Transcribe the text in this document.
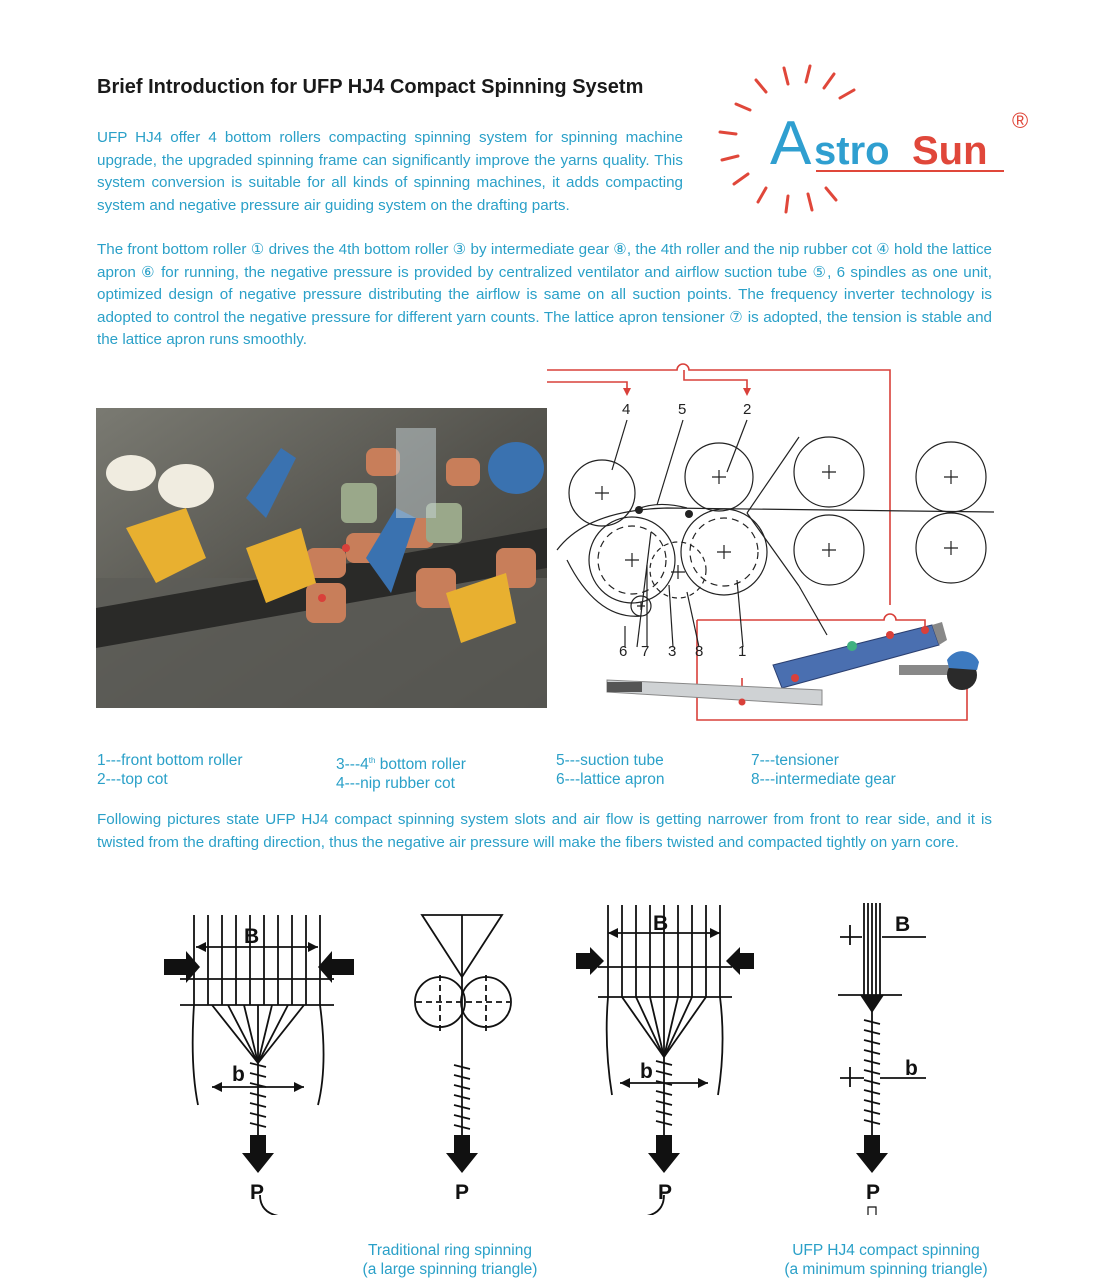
Brief Introduction for UFP HJ4 Compact Spinning Sysetm
A stro Sun
®
UFP HJ4 offer 4 bottom rollers compacting spinning system for spinning machine upgrade, the upgraded spinning frame can significantly improve the yarns quality. This system conversion is suitable for all kinds of spinning machines, it adds compacting system and negative pressure air guiding system on the drafting parts.
The front bottom roller ① drives the 4th bottom roller ③ by intermediate gear ⑧, the 4th roller and the nip rubber cot ④ hold the lattice apron ⑥ for running, the negative pressure is provided by centralized ventilator and airflow suction tube ⑤, 6 spindles as one unit, optimized design of negative pressure distributing the airflow is same on all suction points. The frequency inverter technology is adopted to control the negative pressure for different yarn counts. The lattice apron tensioner ⑦ is adopted, the tension is stable and the lattice apron runs smoothly.
4	5	2
6 7 3 8 1
1---front bottom roller
2---top cot
3---4th bottom roller
4---nip rubber cot
5---suction tube
6---lattice apron
7---tensioner
8---intermediate gear
Following pictures state UFP HJ4 compact spinning system slots and air flow is getting narrower from front to rear side, and it is twisted from the drafting direction, thus the negative air pressure will make the fibers twisted and compacted tightly on yarn core.
B
b
B
b
B
b
P	P	P	P
Traditional ring spinning
(a large spinning triangle)
UFP HJ4 compact spinning
(a minimum spinning triangle)
